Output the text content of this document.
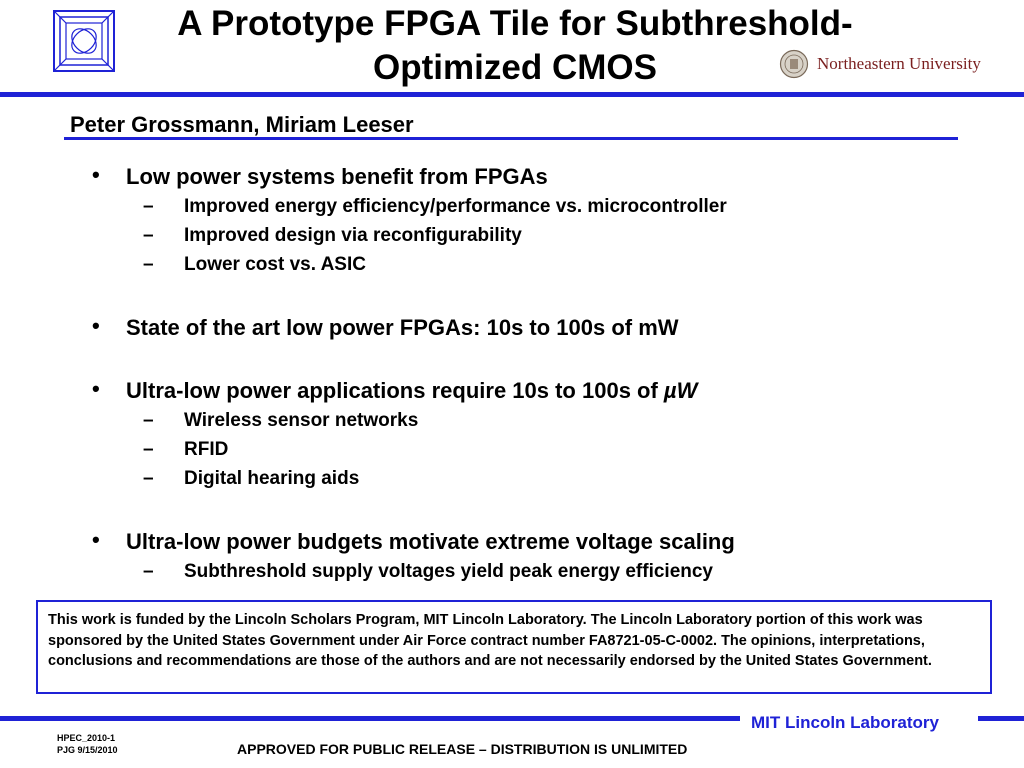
A Prototype FPGA Tile for Subthreshold-
Optimized CMOS	Northeastern University
Peter Grossmann, Miriam Leeser
• Low power systems benefit from FPGAs
– Improved energy efficiency/performance vs. microcontroller
– Improved design via reconfigurability
– Lower cost vs. ASIC
• State of the art low power FPGAs: 10s to 100s of mW
• Ultra-low power applications require 10s to 100s of µW
– Wireless sensor networks
– RFID
– Digital hearing aids
• Ultra-low power budgets motivate extreme voltage scaling
– Subthreshold supply voltages yield peak energy efficiency
This work is funded by the Lincoln Scholars Program, MIT Lincoln Laboratory. The Lincoln Laboratory portion of this work was sponsored by the United States Government under Air Force contract number FA8721-05-C-0002. The opinions, interpretations, conclusions and recommendations are those of the authors and are not necessarily endorsed by the United States Government.
MIT Lincoln Laboratory
HPEC_2010-1
PJG 9/15/2010	APPROVED FOR PUBLIC RELEASE – DISTRIBUTION IS UNLIMITED
